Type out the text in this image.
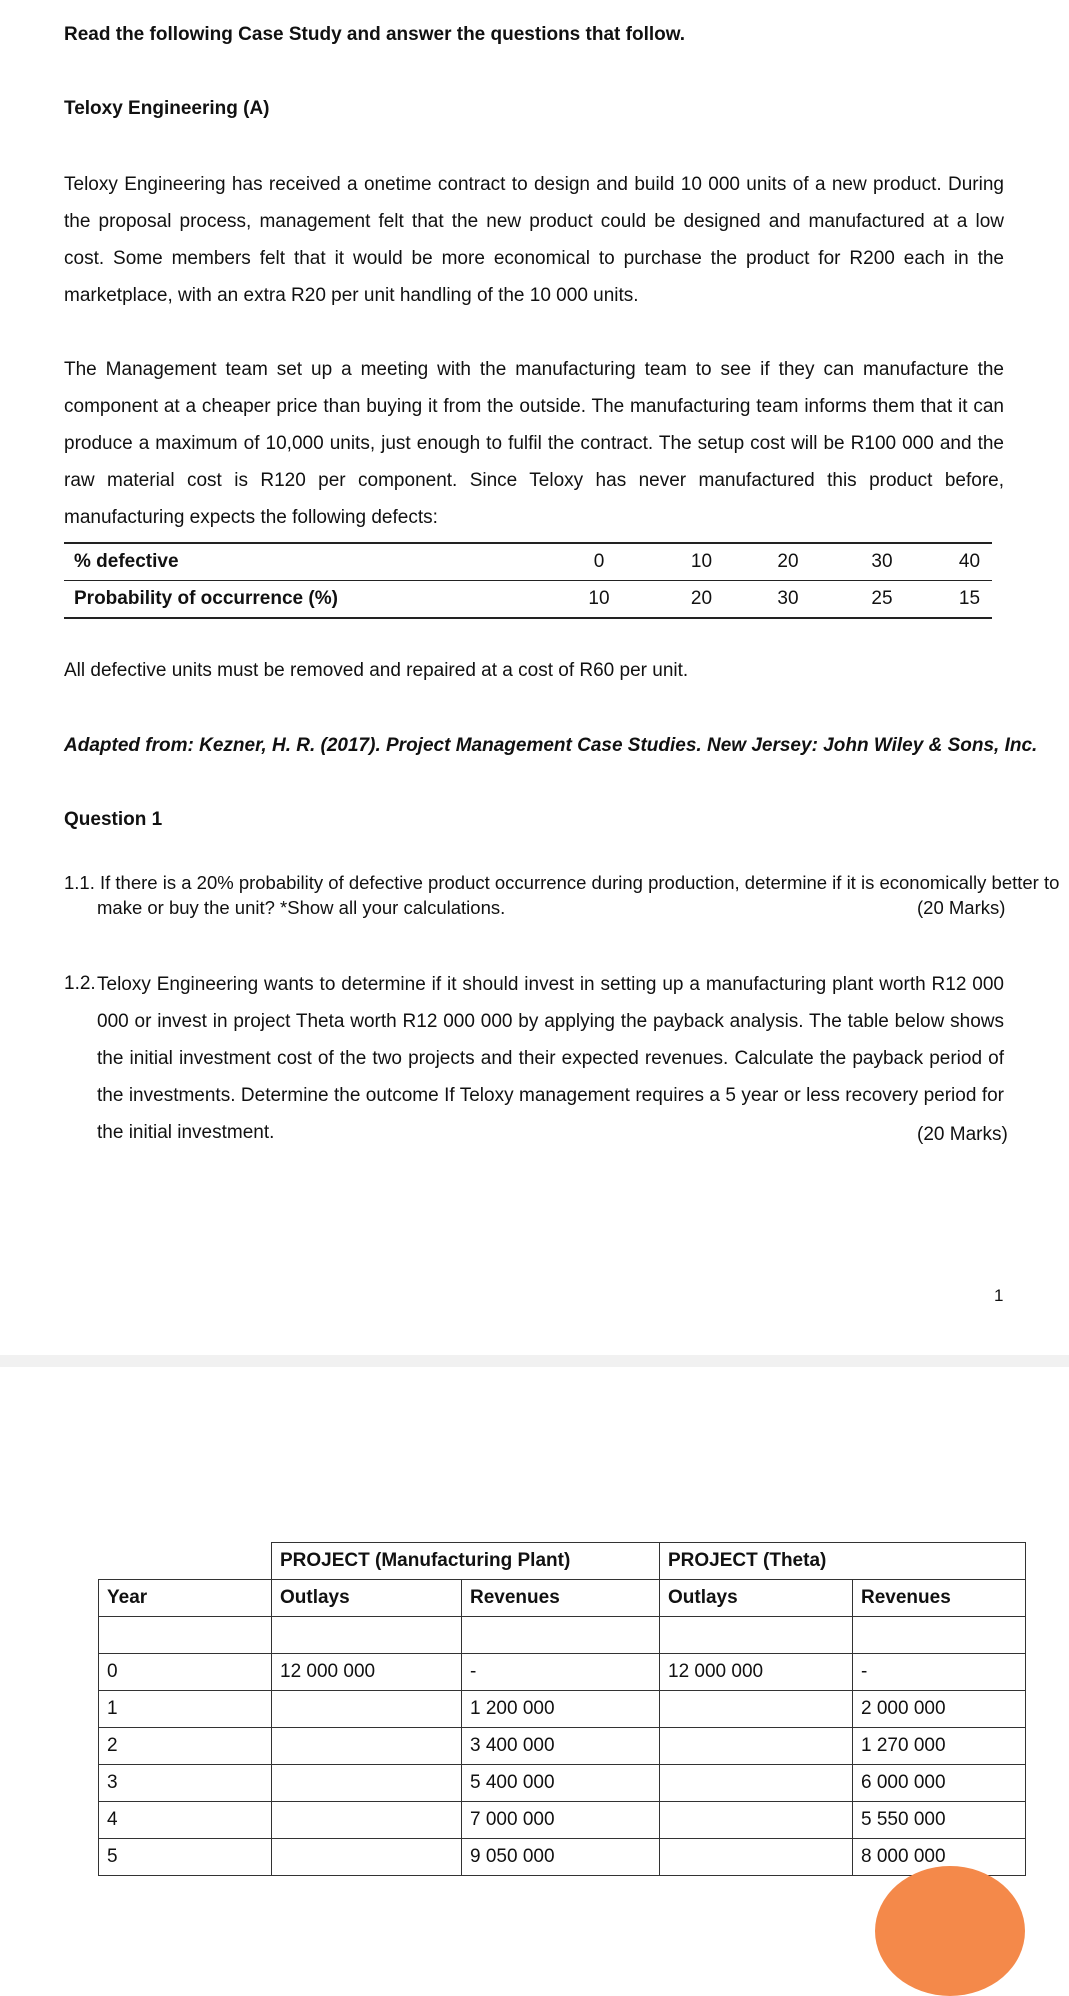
Read the following Case Study and answer the questions that follow.
Teloxy Engineering (A)
Teloxy Engineering has received a onetime contract to design and build 10 000 units of a new product. During the proposal process, management felt that the new product could be designed and manufactured at a low cost. Some members felt that it would be more economical to purchase the product for R200 each in the marketplace, with an extra R20 per unit handling of the 10 000 units.
The Management team set up a meeting with the manufacturing team to see if they can manufacture the component at a cheaper price than buying it from the outside. The manufacturing team informs them that it can produce a maximum of 10,000 units, just enough to fulfil the contract. The setup cost will be R100 000 and the raw material cost is R120 per component. Since Teloxy has never manufactured this product before, manufacturing expects the following defects:
% defective	0	10	20	30	40
Probability of occurrence (%)	10	20	30	25	15
All defective units must be removed and repaired at a cost of R60 per unit.
Adapted from: Kezner, H. R. (2017). Project Management Case Studies. New Jersey: John Wiley & Sons, Inc.
Question 1
1.1. If there is a 20% probability of defective product occurrence during production, determine if it is economically better to
make or buy the unit? *Show all your calculations.	(20 Marks)
1.2. Teloxy Engineering wants to determine if it should invest in setting up a manufacturing plant worth R12 000 000 or invest in project Theta worth R12 000 000 by applying the payback analysis. The table below shows the initial investment cost of the two projects and their expected revenues. Calculate the payback period of the investments. Determine the outcome If Teloxy management requires a 5 year or less recovery period for the initial investment.	(20 Marks)
1
	PROJECT (Manufacturing Plant)		PROJECT (Theta)	
Year	Outlays	Revenues	Outlays	Revenues

0	12 000 000	-	12 000 000	-
1		1 200 000		2 000 000
2		3 400 000		1 270 000
3		5 400 000		6 000 000
4		7 000 000		5 550 000
5		9 050 000		8 000 000
